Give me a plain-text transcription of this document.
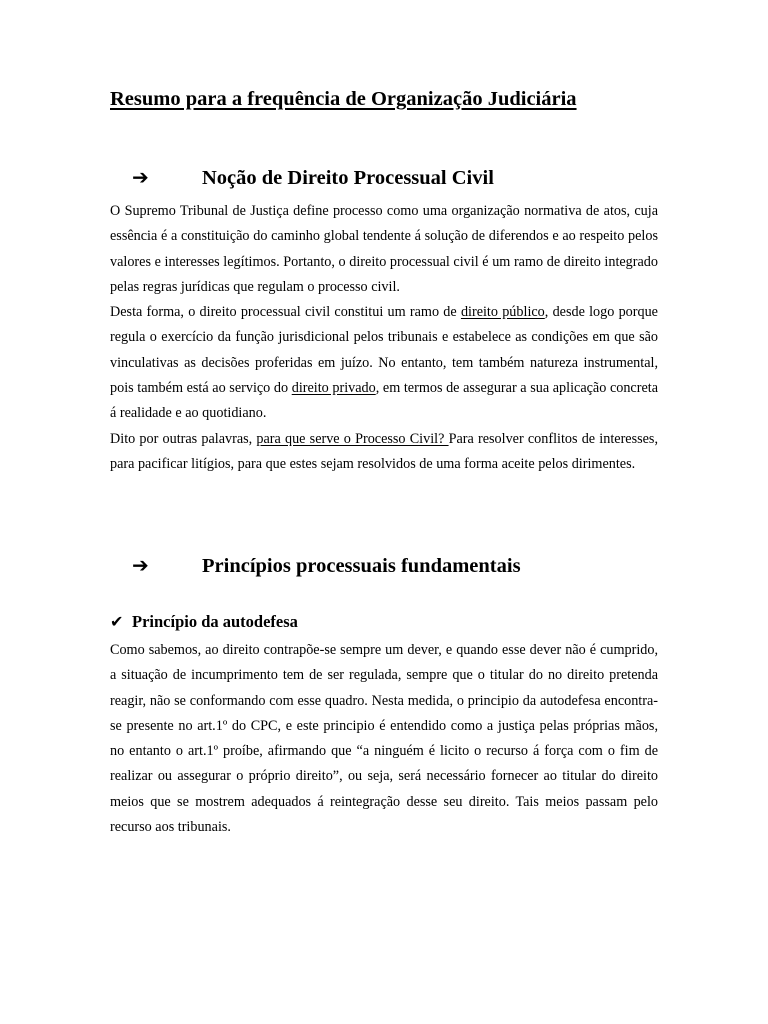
Resumo para a frequência de Organização Judiciária
➔	Noção de Direito Processual Civil

O Supremo Tribunal de Justiça define processo como uma organização normativa de atos, cuja essência é a constituição do caminho global tendente á solução de diferendos e ao respeito pelos valores e interesses legítimos. Portanto, o direito processual civil é um ramo de direito integrado pelas regras jurídicas que regulam o processo civil.

Desta forma, o direito processual civil constitui um ramo de direito público, desde logo porque regula o exercício da função jurisdicional pelos tribunais e estabelece as condições em que são vinculativas as decisões proferidas em juízo. No entanto, tem também natureza instrumental, pois também está ao serviço do direito privado, em termos de assegurar a sua aplicação concreta á realidade e ao quotidiano.

Dito por outras palavras, para que serve o Processo Civil? Para resolver conflitos de interesses, para pacificar litígios, para que estes sejam resolvidos de uma forma aceite pelos dirimentes.

➔	Princípios processuais fundamentais
✔ Princípio da autodefesa

Como sabemos, ao direito contrapõe-se sempre um dever, e quando esse dever não é cumprido, a situação de incumprimento tem de ser regulada, sempre que o titular do no direito pretenda reagir, não se conformando com esse quadro. Nesta medida, o principio da autodefesa encontra-se presente no art.1º do CPC, e este principio é entendido como a justiça pelas próprias mãos, no entanto o art.1º proíbe, afirmando que “a ninguém é licito o recurso á força com o fim de realizar ou assegurar o próprio direito”, ou seja, será necessário fornecer ao titular do direito meios que se mostrem adequados á reintegração desse seu direito. Tais meios passam pelo recurso aos tribunais.
